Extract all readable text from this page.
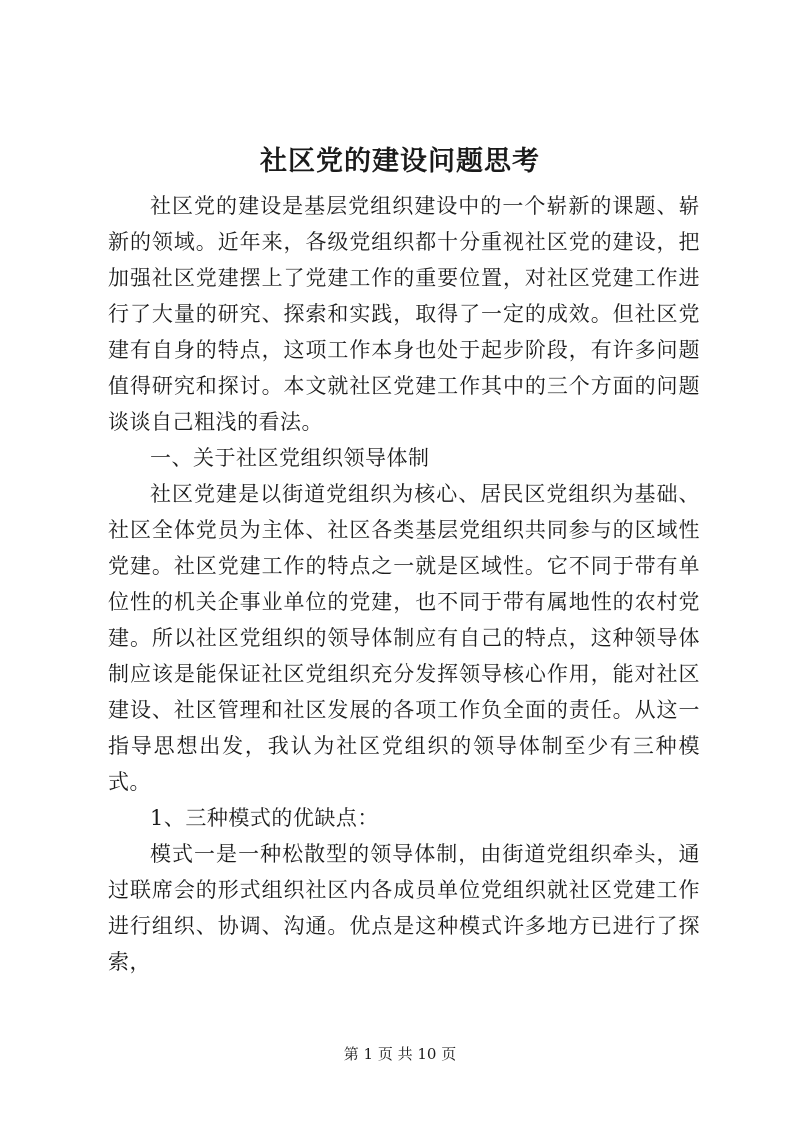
社区党的建设问题思考

社区党的建设是基层党组织建设中的一个崭新的课题、崭新的领域。近年来，各级党组织都十分重视社区党的建设，把加强社区党建摆上了党建工作的重要位置，对社区党建工作进行了大量的研究、探索和实践，取得了一定的成效。但社区党建有自身的特点，这项工作本身也处于起步阶段，有许多问题值得研究和探讨。本文就社区党建工作其中的三个方面的问题谈谈自己粗浅的看法。

一、关于社区党组织领导体制

社区党建是以街道党组织为核心、居民区党组织为基础、社区全体党员为主体、社区各类基层党组织共同参与的区域性党建。社区党建工作的特点之一就是区域性。它不同于带有单位性的机关企事业单位的党建，也不同于带有属地性的农村党建。所以社区党组织的领导体制应有自己的特点，这种领导体制应该是能保证社区党组织充分发挥领导核心作用，能对社区建设、社区管理和社区发展的各项工作负全面的责任。从这一指导思想出发，我认为社区党组织的领导体制至少有三种模式。

1、三种模式的优缺点：

模式一是一种松散型的领导体制，由街道党组织牵头，通过联席会的形式组织社区内各成员单位党组织就社区党建工作进行组织、协调、沟通。优点是这种模式许多地方已进行了探索，

第 1 页 共 10 页
